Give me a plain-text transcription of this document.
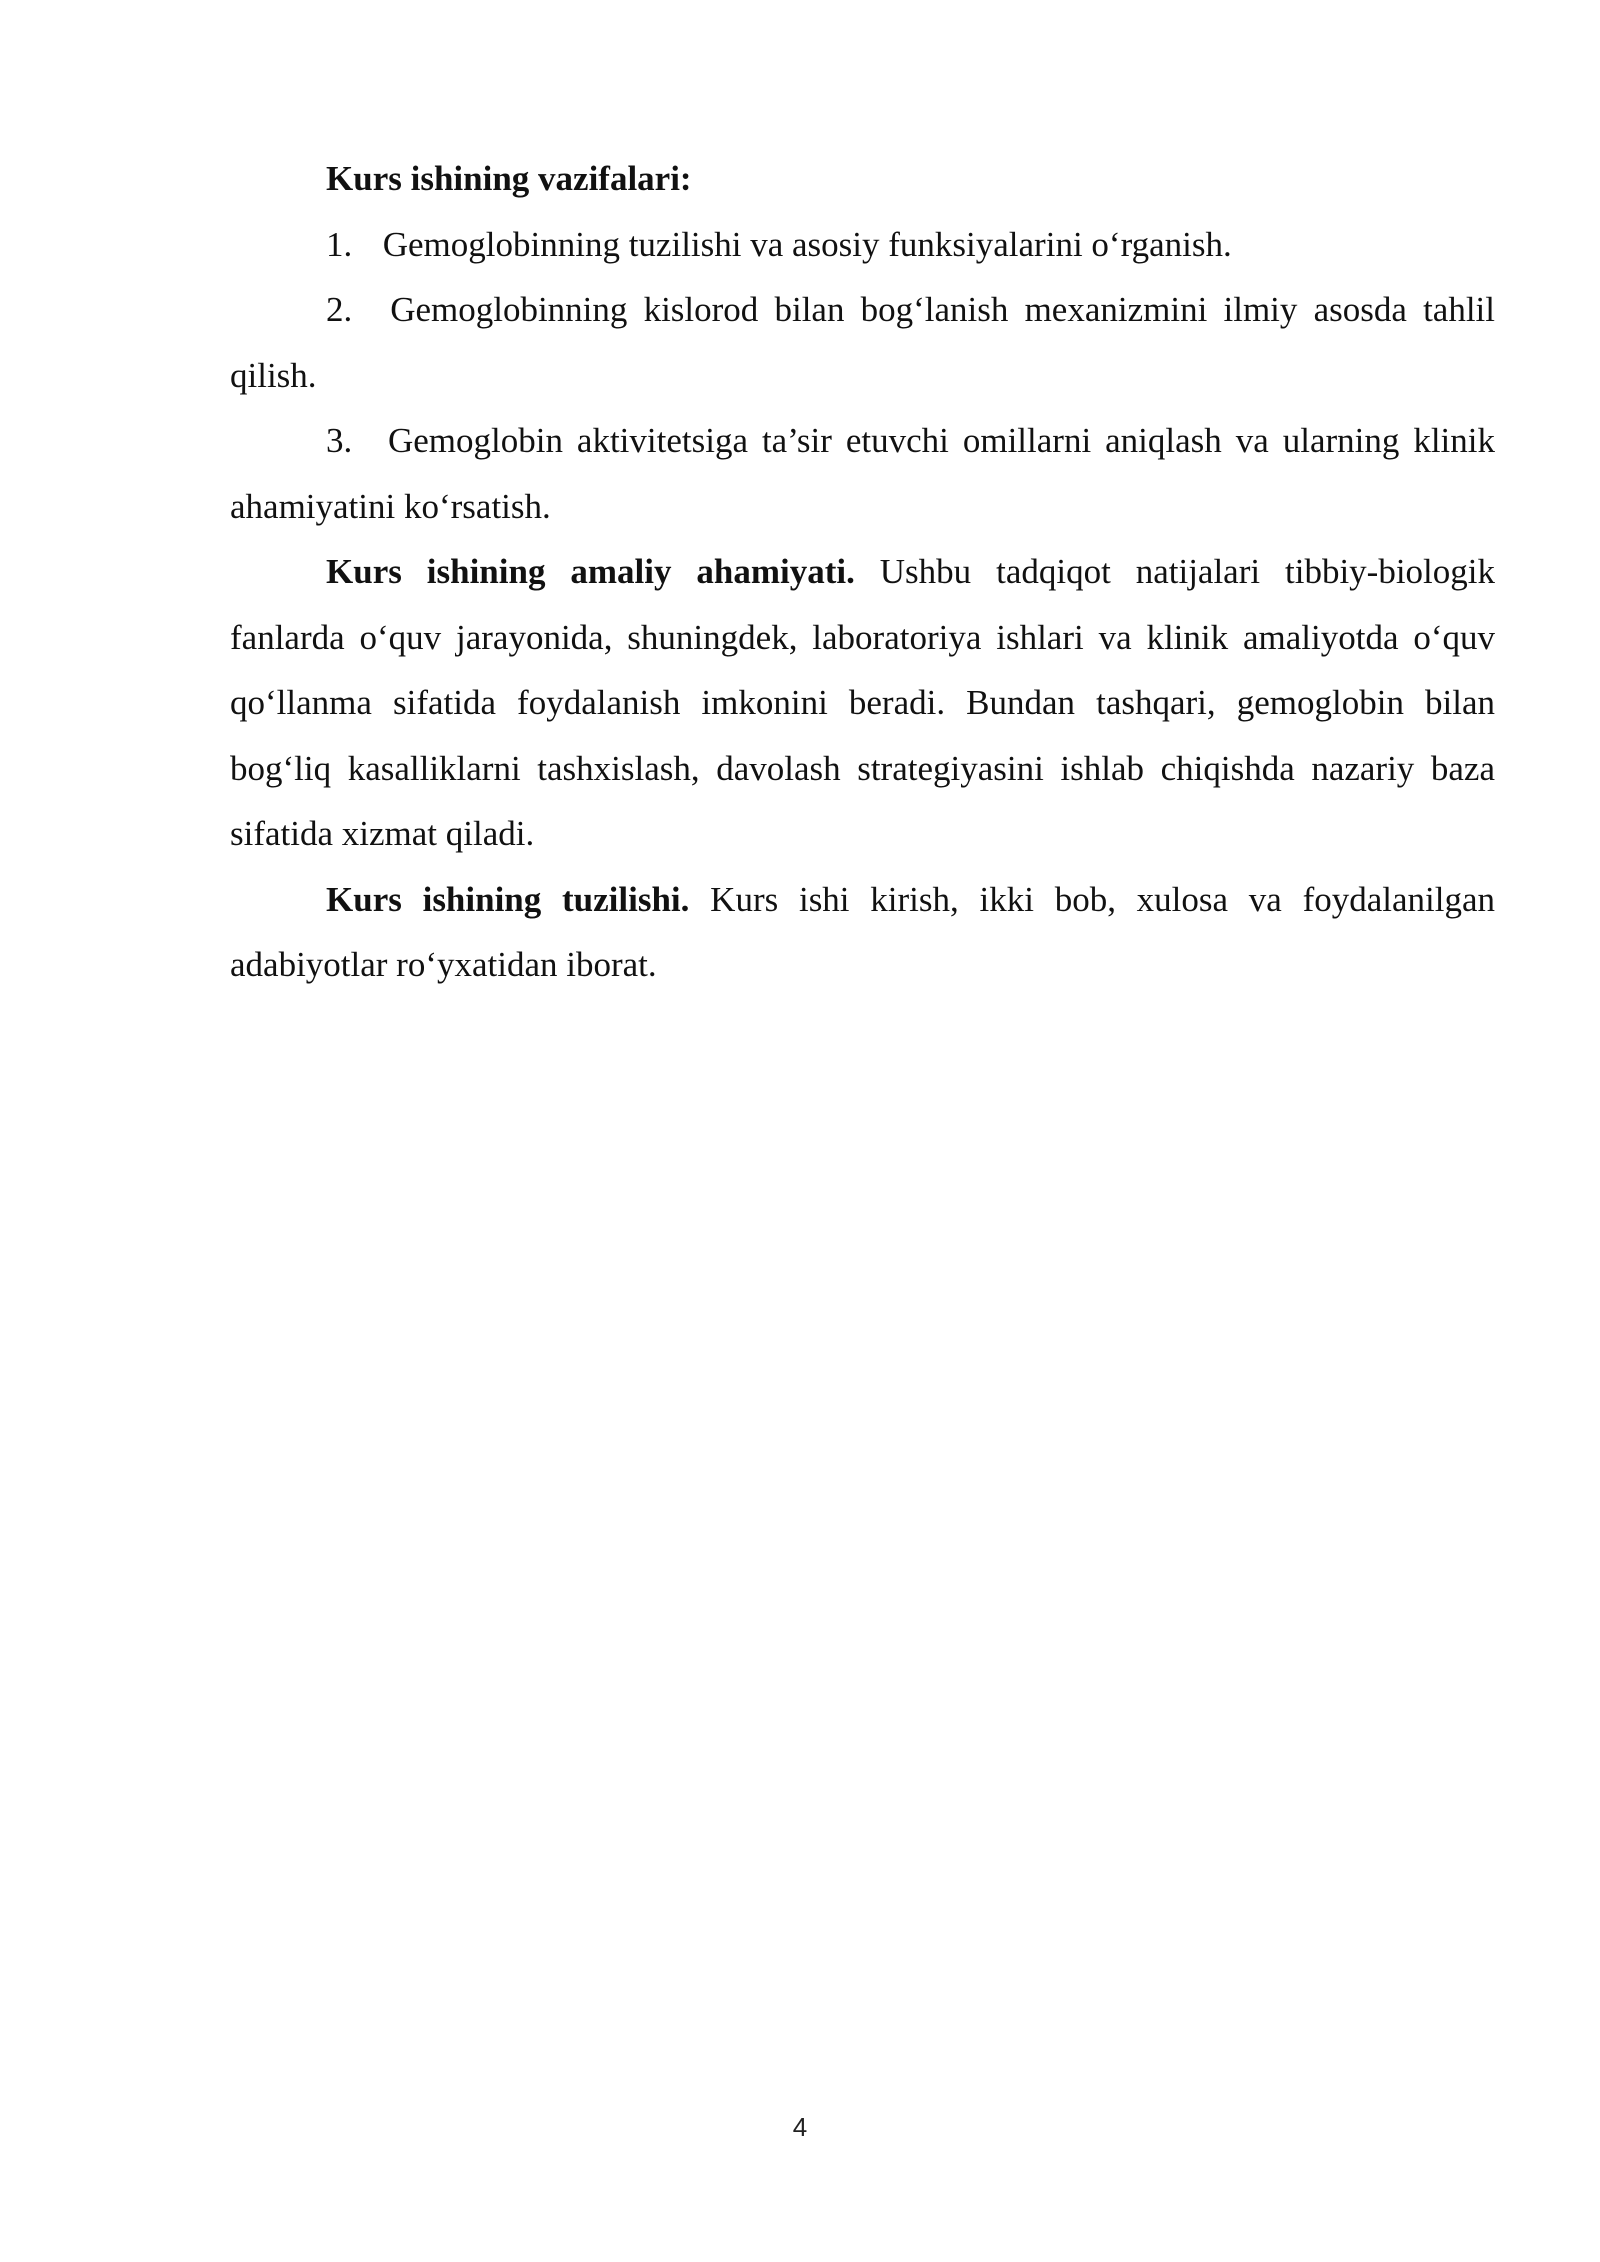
Kurs ishining vazifalari:

1. Gemoglobinning tuzilishi va asosiy funksiyalarini o‘rganish.

2. Gemoglobinning kislorod bilan bog‘lanish mexanizmini ilmiy asosda tahlil qilish.

3. Gemoglobin aktivitetsiga ta’sir etuvchi omillarni aniqlash va ularning klinik ahamiyatini ko‘rsatish.

Kurs ishining amaliy ahamiyati. Ushbu tadqiqot natijalari tibbiy-biologik fanlarda o‘quv jarayonida, shuningdek, laboratoriya ishlari va klinik amaliyotda o‘quv qo‘llanma sifatida foydalanish imkonini beradi. Bundan tashqari, gemoglobin bilan bog‘liq kasalliklarni tashxislash, davolash strategiyasini ishlab chiqishda nazariy baza sifatida xizmat qiladi.

Kurs ishining tuzilishi. Kurs ishi kirish, ikki bob, xulosa va foydalanilgan adabiyotlar ro‘yxatidan iborat.

4
